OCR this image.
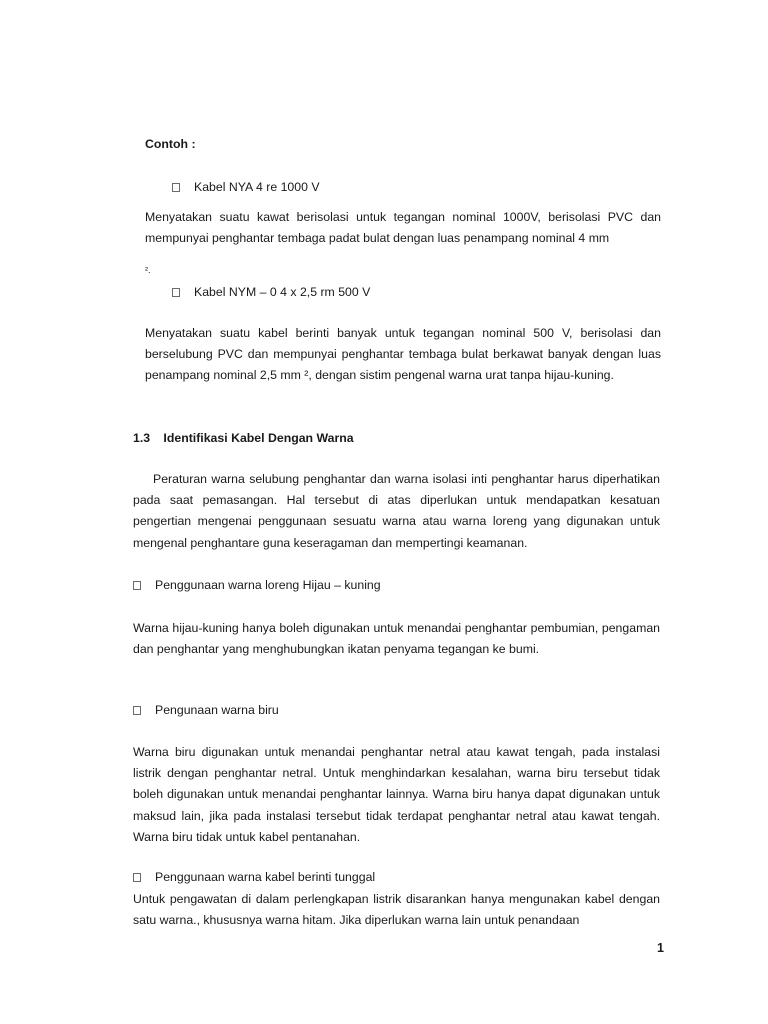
Contoh :

Kabel NYA 4 re 1000 V

Menyatakan suatu kawat berisolasi untuk tegangan nominal 1000V, berisolasi PVC dan mempunyai penghantar tembaga padat bulat dengan luas penampang nominal 4 mm

².

Kabel NYM – 0 4 x 2,5 rm 500 V

Menyatakan suatu kabel berinti banyak untuk tegangan nominal 500 V, berisolasi dan berselubung PVC dan mempunyai penghantar tembaga bulat berkawat banyak dengan luas penampang nominal 2,5 mm ², dengan sistim pengenal warna urat tanpa hijau-kuning.

1.3 Identifikasi Kabel Dengan Warna

Peraturan warna selubung penghantar dan warna isolasi inti penghantar harus diperhatikan pada saat pemasangan. Hal tersebut di atas diperlukan untuk mendapatkan kesatuan pengertian mengenai penggunaan sesuatu warna atau warna loreng yang digunakan untuk mengenal penghantare guna keseragaman dan mempertingi keamanan.

Penggunaan warna loreng Hijau – kuning

Warna hijau-kuning hanya boleh digunakan untuk menandai penghantar pembumian, pengaman dan penghantar yang menghubungkan ikatan penyama tegangan ke bumi.

Pengunaan warna biru

Warna biru digunakan untuk menandai penghantar netral atau kawat tengah, pada instalasi listrik dengan penghantar netral. Untuk menghindarkan kesalahan, warna biru tersebut tidak boleh digunakan untuk menandai penghantar lainnya. Warna biru hanya dapat digunakan untuk maksud lain, jika pada instalasi tersebut tidak terdapat penghantar netral atau kawat tengah. Warna biru tidak untuk kabel pentanahan.

Penggunaan warna kabel berinti tunggal

Untuk pengawatan di dalam perlengkapan listrik disarankan hanya mengunakan kabel dengan satu warna., khususnya warna hitam. Jika diperlukan warna lain untuk penandaan

1
